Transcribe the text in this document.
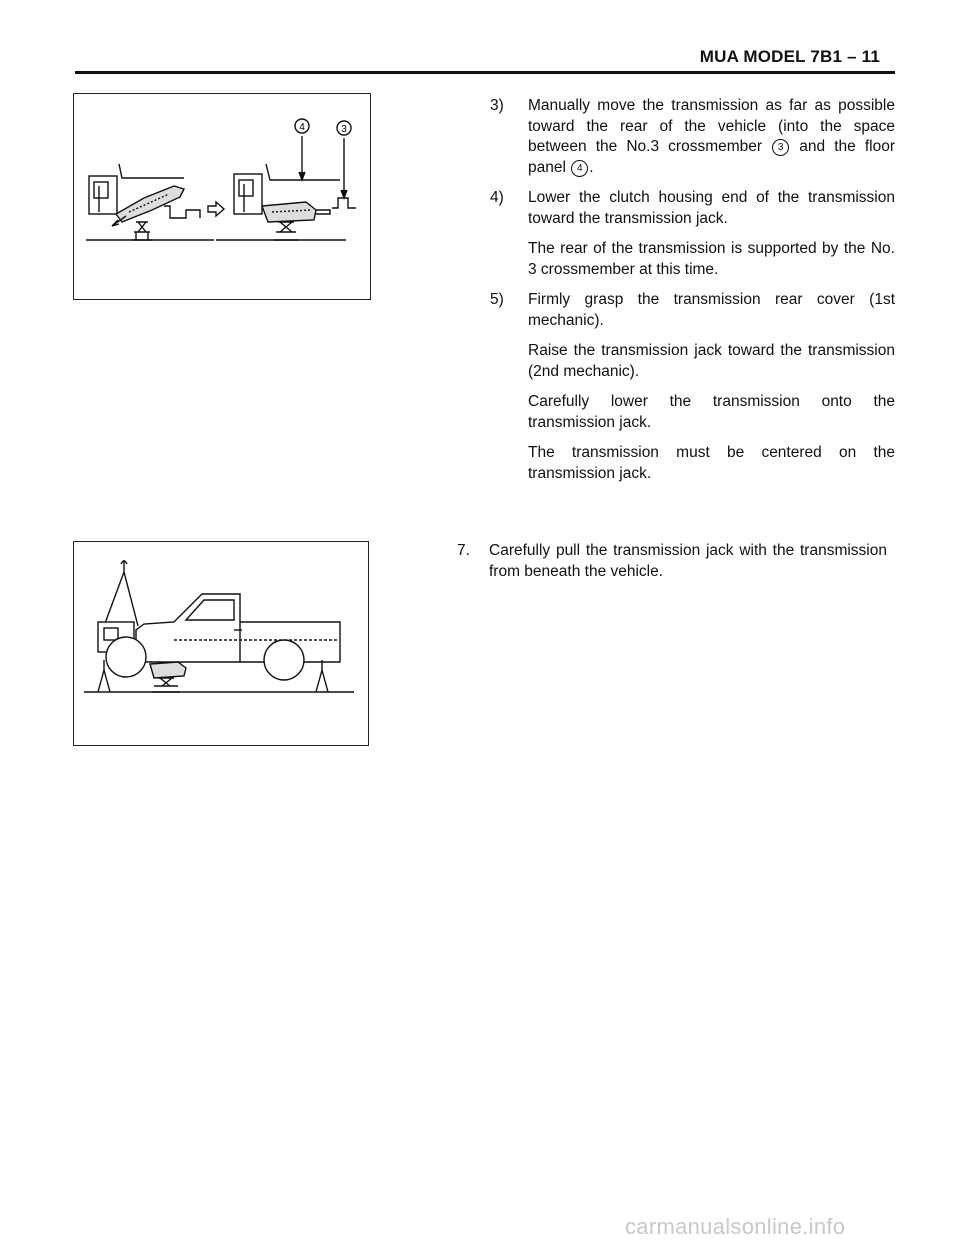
MUA MODEL 7B1 – 11
4	3
3) Manually move the transmission as far as possible toward the rear of the vehicle (into the space between the No.3 crossmember 3 and the floor panel 4 .

4) Lower the clutch housing end of the transmission toward the transmission jack.

The rear of the transmission is supported by the No. 3 crossmember at this time.

5) Firmly grasp the transmission rear cover (1st mechanic).

Raise the transmission jack toward the transmission (2nd mechanic).

Carefully lower the transmission onto the transmission jack.

The transmission must be centered on the transmission jack.

7.	Carefully pull the transmission jack with the transmission from beneath the vehicle.
carmanualsonline.info
